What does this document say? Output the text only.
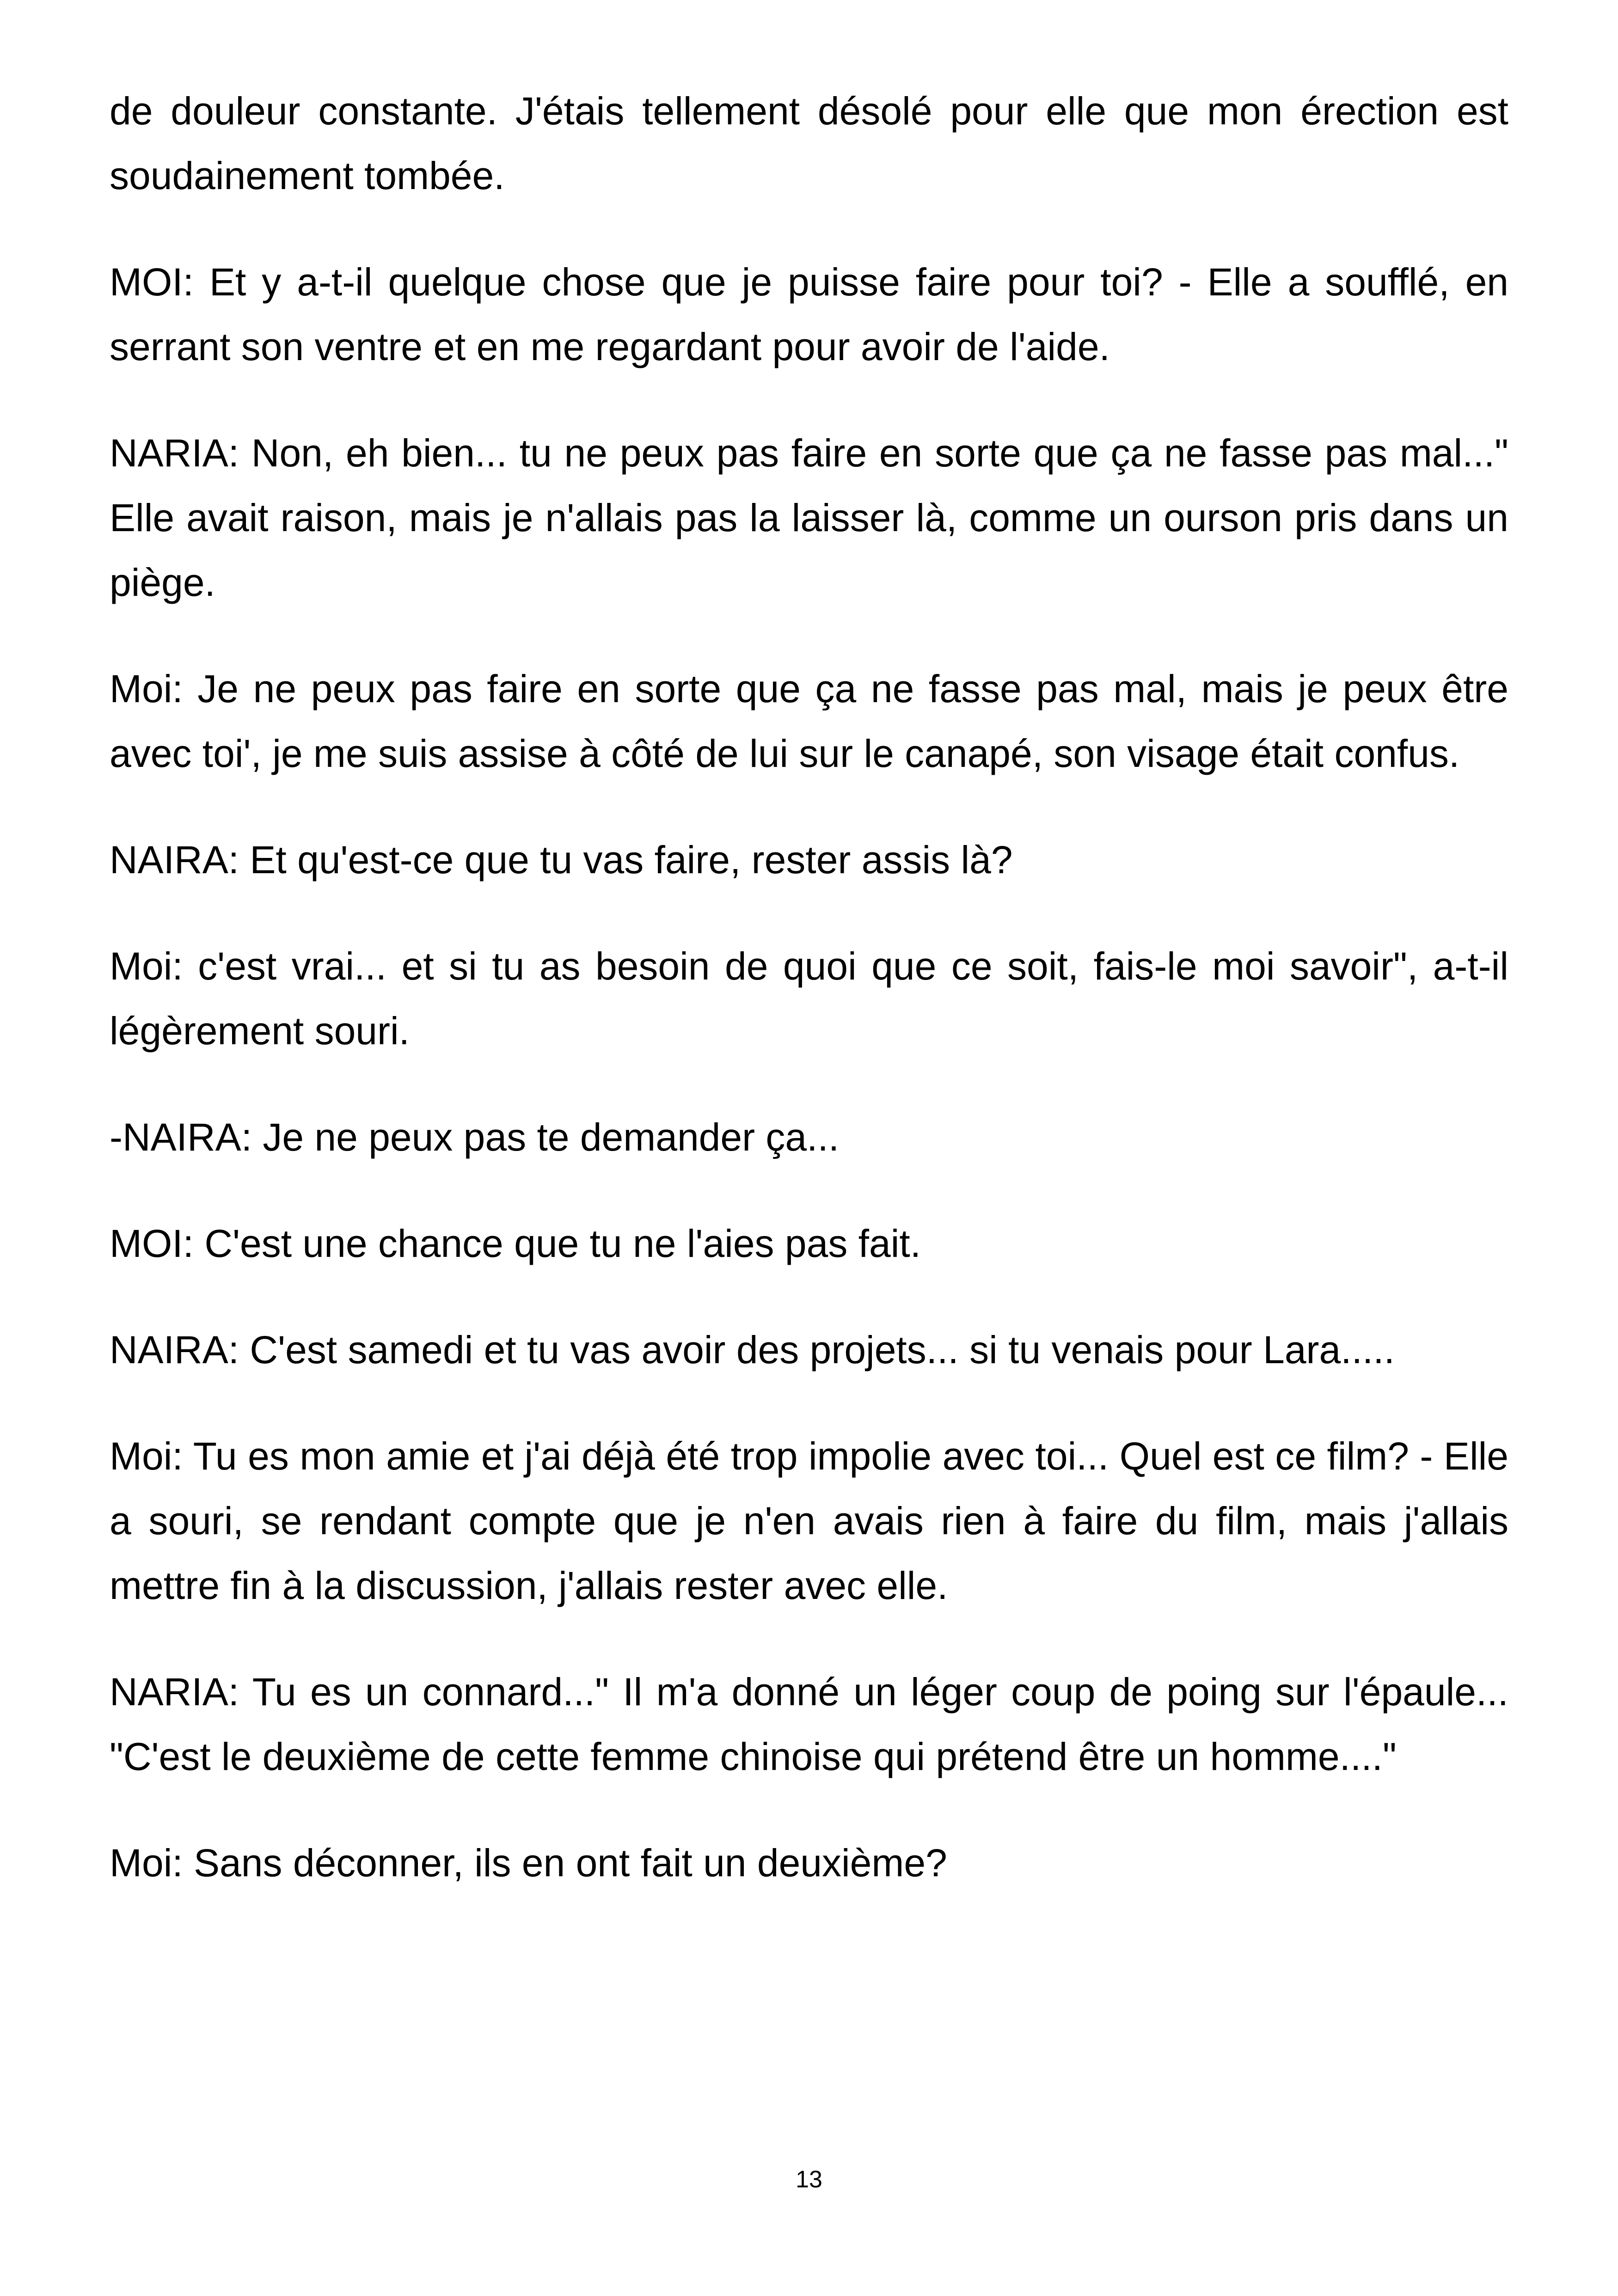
de douleur constante. J'étais tellement désolé pour elle que mon érection est soudainement tombée.

MOI: Et y a-t-il quelque chose que je puisse faire pour toi? - Elle a soufflé, en serrant son ventre et en me regardant pour avoir de l'aide.

NARIA: Non, eh bien... tu ne peux pas faire en sorte que ça ne fasse pas mal..." Elle avait raison, mais je n'allais pas la laisser là, comme un ourson pris dans un piège.

Moi: Je ne peux pas faire en sorte que ça ne fasse pas mal, mais je peux être avec toi', je me suis assise à côté de lui sur le canapé, son visage était confus.

NAIRA: Et qu'est-ce que tu vas faire, rester assis là?

Moi: c'est vrai... et si tu as besoin de quoi que ce soit, fais-le moi savoir", a-t-il légèrement souri.

-NAIRA: Je ne peux pas te demander ça...

MOI: C'est une chance que tu ne l'aies pas fait.

NAIRA: C'est samedi et tu vas avoir des projets... si tu venais pour Lara.....

Moi: Tu es mon amie et j'ai déjà été trop impolie avec toi... Quel est ce film? - Elle a souri, se rendant compte que je n'en avais rien à faire du film, mais j'allais mettre fin à la discussion, j'allais rester avec elle.

NARIA: Tu es un connard..." Il m'a donné un léger coup de poing sur l'épaule... "C'est le deuxième de cette femme chinoise qui prétend être un homme...."

Moi: Sans déconner, ils en ont fait un deuxième?

13
